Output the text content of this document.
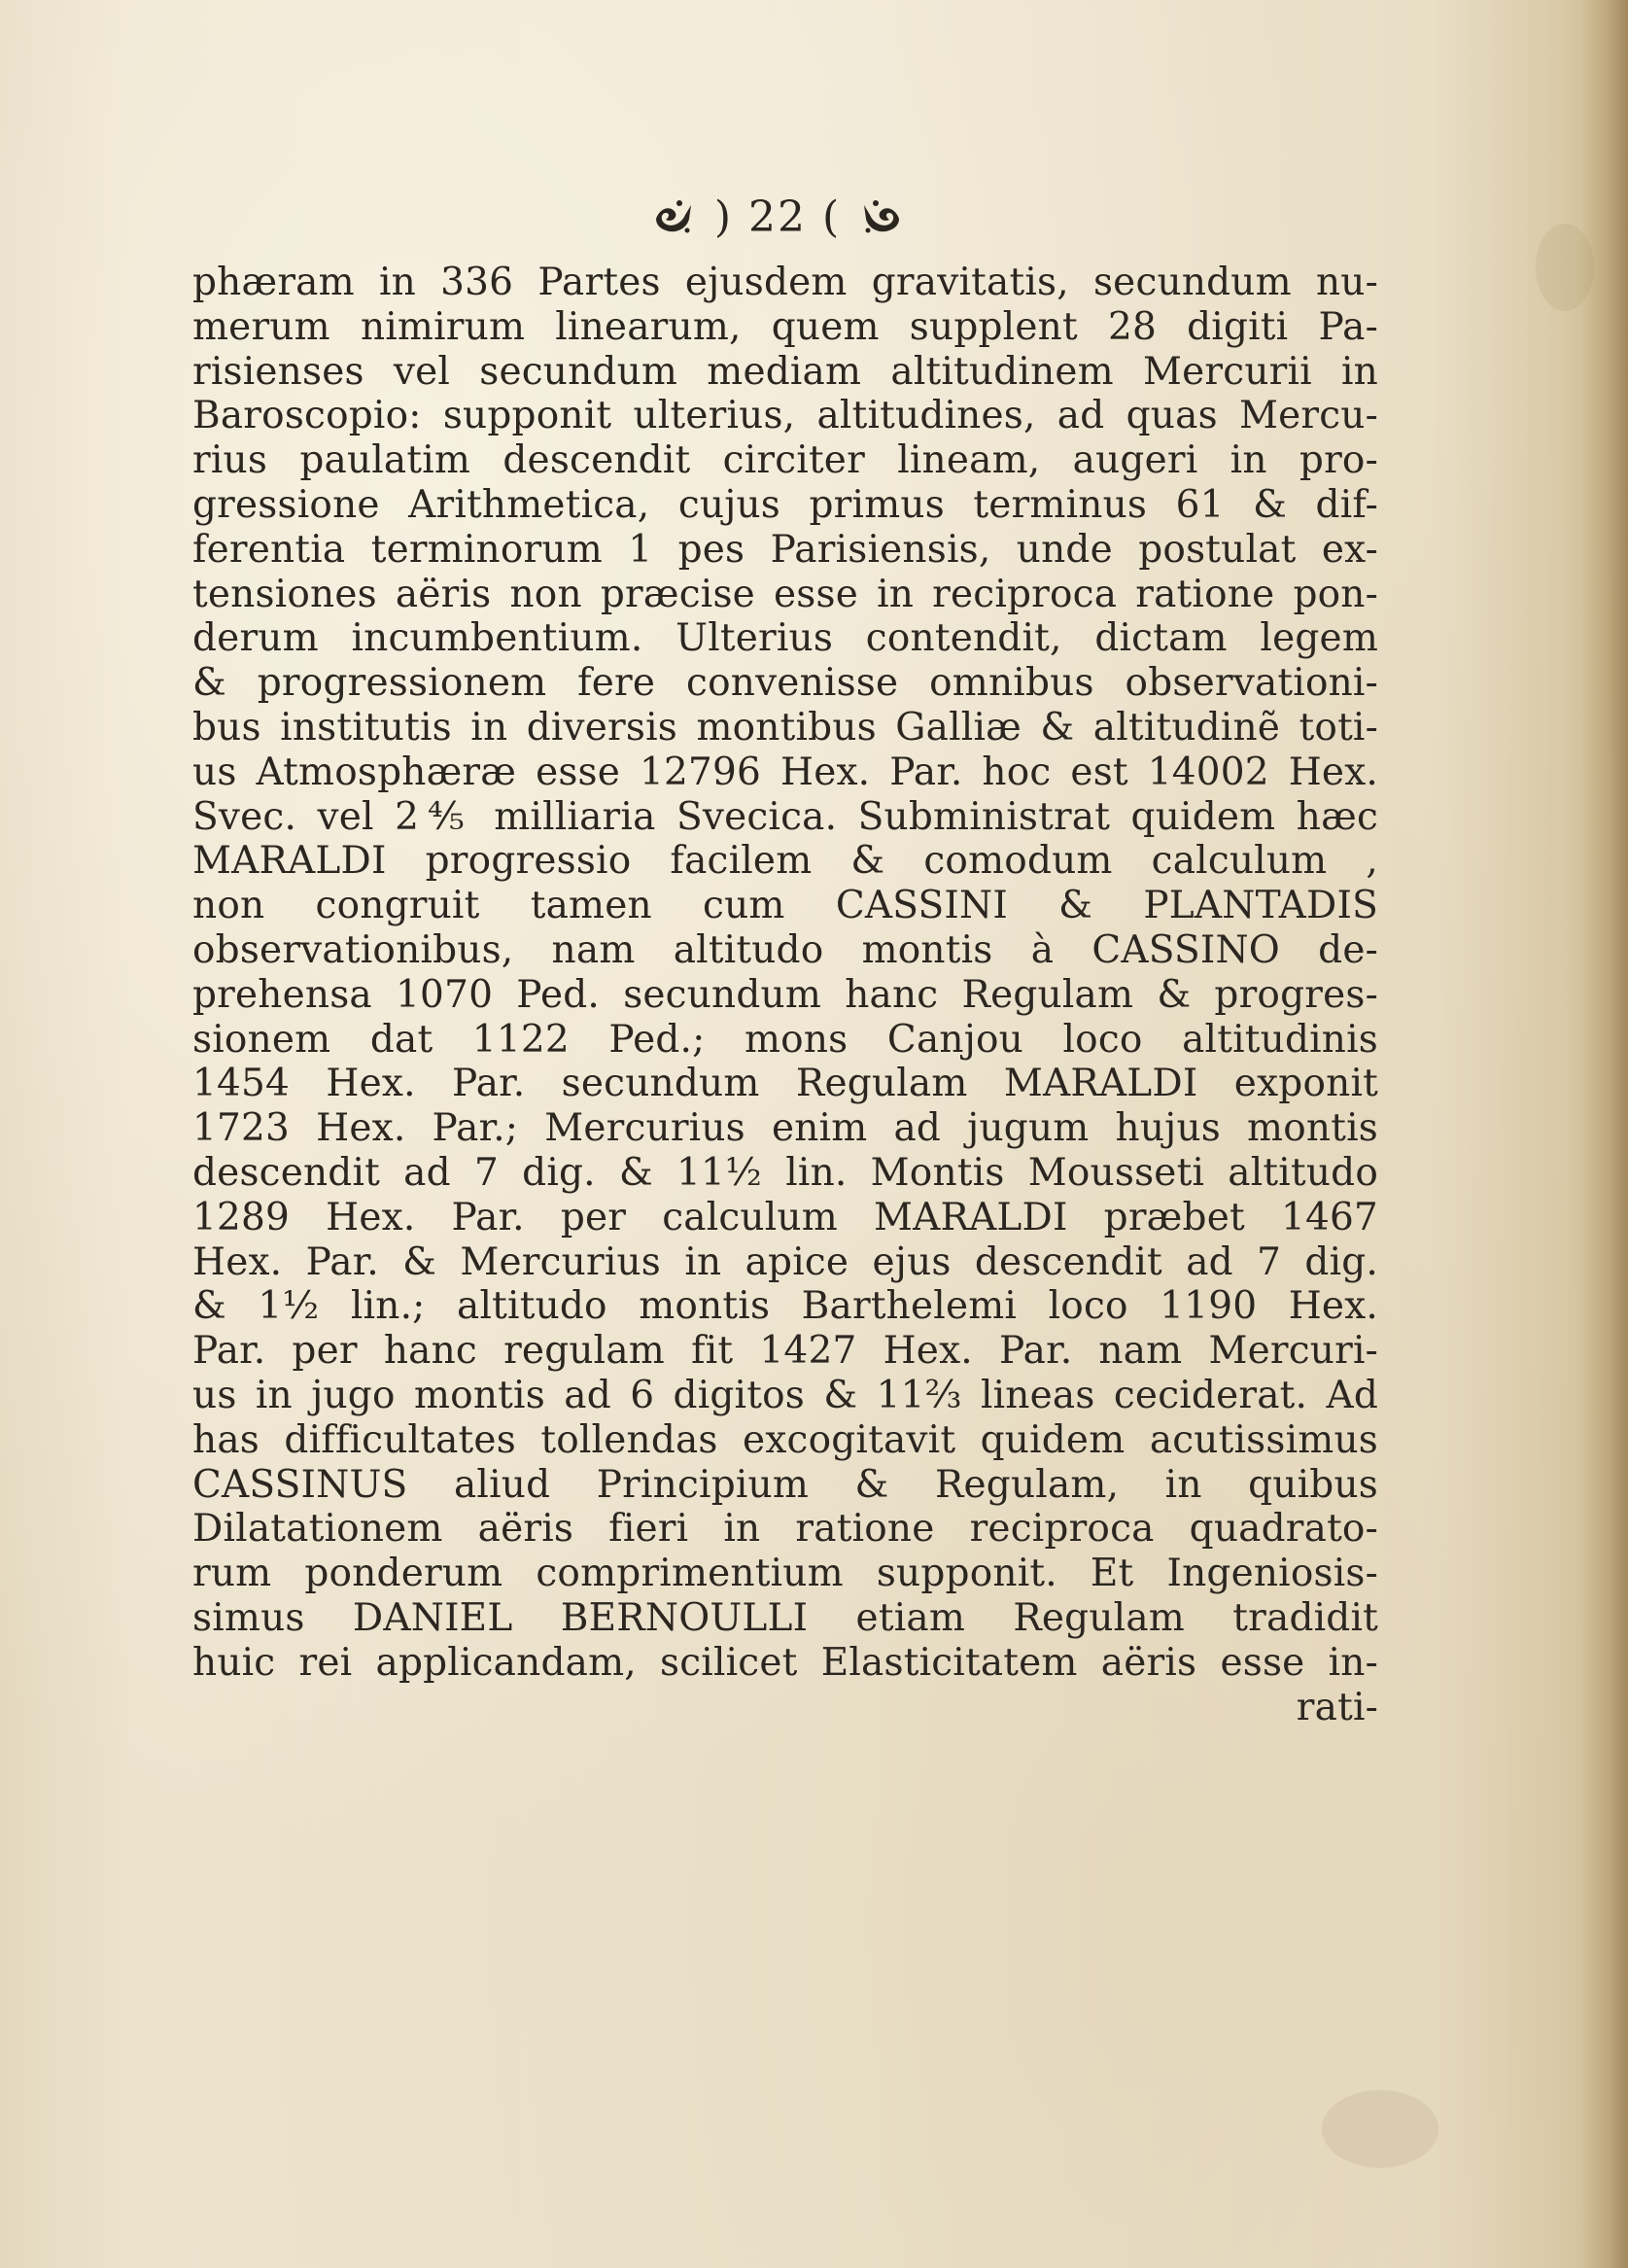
) 22 (
phæram in 336 Partes ejusdem gravitatis, secundum nu-
merum nimirum linearum, quem supplent 28 digiti Pa-
risienses vel secundum mediam altitudinem Mercurii in
Baroscopio: supponit ulterius, altitudines, ad quas Mercu-
rius paulatim descendit circiter lineam, augeri in pro-
gressione Arithmetica, cujus primus terminus 61 & dif-
ferentia terminorum 1 pes Parisiensis, unde postulat ex-
tensiones aëris non præcise esse in reciproca ratione pon-
derum incumbentium. Ulterius contendit, dictam legem
& progressionem fere convenisse omnibus observationi-
bus institutis in diversis montibus Galliæ & altitudinẽ toti-
us Atmosphæræ esse 12796 Hex. Par. hoc est 14002 Hex.
Svec. vel 2⅘ milliaria Svecica. Subministrat quidem hæc
MARALDI progressio facilem & comodum calculum ,
non congruit tamen cum CASSINI & PLANTADIS
observationibus, nam altitudo montis à CASSINO de-
prehensa 1070 Ped. secundum hanc Regulam & progres-
sionem dat 1122 Ped.; mons Canjou loco altitudinis
1454 Hex. Par. secundum Regulam MARALDI exponit
1723 Hex. Par.; Mercurius enim ad jugum hujus montis
descendit ad 7 dig. & 11½ lin. Montis Mousseti altitudo
1289 Hex. Par. per calculum MARALDI præbet 1467
Hex. Par. & Mercurius in apice ejus descendit ad 7 dig.
& 1½ lin.; altitudo montis Barthelemi loco 1190 Hex.
Par. per hanc regulam fit 1427 Hex. Par. nam Mercuri-
us in jugo montis ad 6 digitos & 11⅔ lineas ceciderat. Ad
has difficultates tollendas excogitavit quidem acutissimus
CASSINUS aliud Principium & Regulam, in quibus
Dilatationem aëris fieri in ratione reciproca quadrato-
rum ponderum comprimentium supponit. Et Ingeniosis-
simus DANIEL BERNOULLI etiam Regulam tradidit
huic rei applicandam, scilicet Elasticitatem aëris esse in-
rati-
